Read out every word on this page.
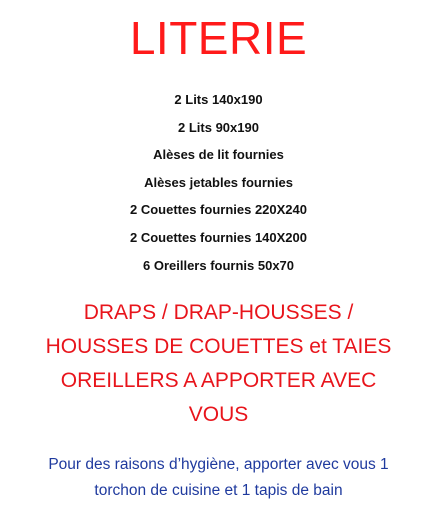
LITERIE
2 Lits 140x190
2 Lits 90x190
Alèses de lit fournies
Alèses jetables fournies
2 Couettes fournies 220X240
2 Couettes fournies 140X200
6 Oreillers fournis 50x70
DRAPS / DRAP-HOUSSES /
HOUSSES DE COUETTES et TAIES
OREILLERS A APPORTER AVEC
VOUS
Pour des raisons d’hygiène, apporter avec vous 1
torchon de cuisine et 1 tapis de bain
